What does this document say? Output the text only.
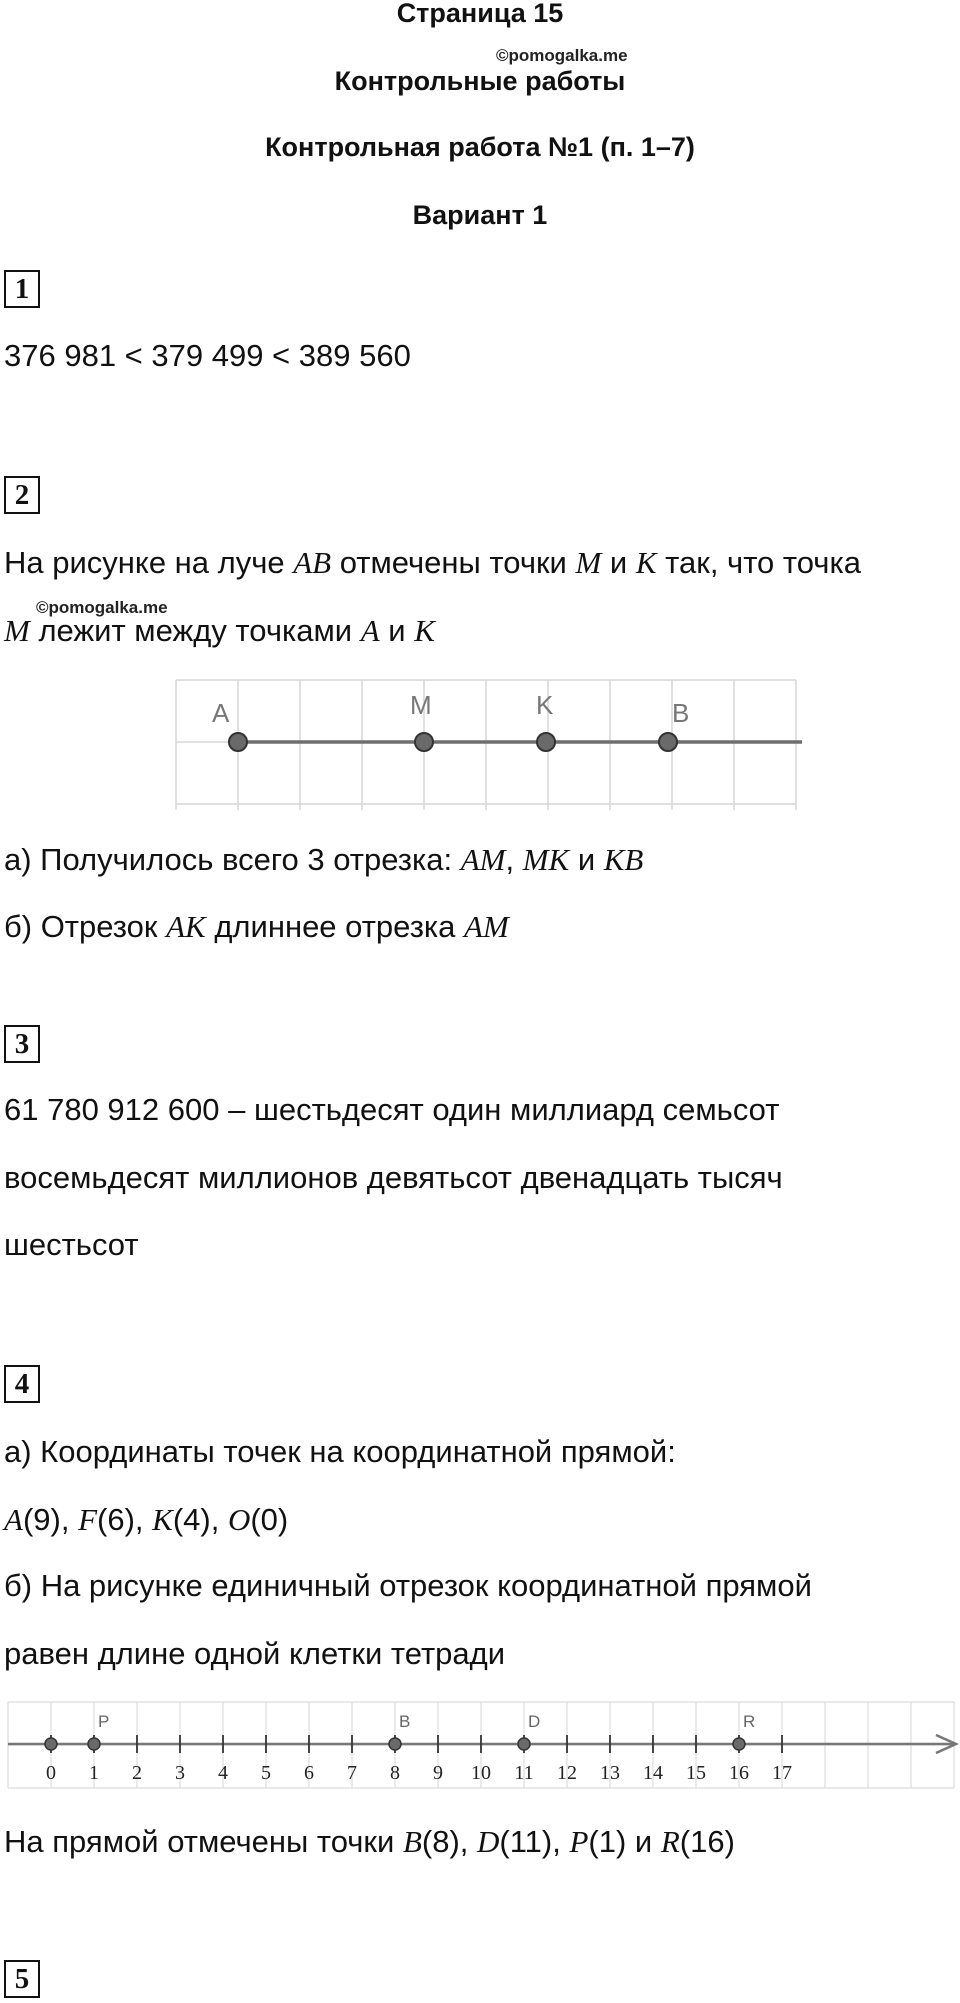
Страница 15
©pomogalka.me
Контрольные работы
Контрольная работа №1 (п. 1–7)
Вариант 1
1
376 981 < 379 499 < 389 560
2
На рисунке на луче AB отмечены точки M и K так, что точка
©pomogalka.me
M лежит между точками A и K
A	M	K	B
а) Получилось всего 3 отрезка: AM, MK и KB
б) Отрезок AK длиннее отрезка AM
3
61 780 912 600 – шестьдесят один миллиард семьсот
восемьдесят миллионов девятьсот двенадцать тысяч
шестьсот
4
а) Координаты точек на координатной прямой:
A(9), F(6), K(4), O(0)
б) На рисунке единичный отрезок координатной прямой
равен длине одной клетки тетради
0 1 2 3 4 5 6 7 8 9 10 11 12 13 14 15 16 17
P	B	D	R
На прямой отмечены точки B(8), D(11), P(1) и R(16)
5
